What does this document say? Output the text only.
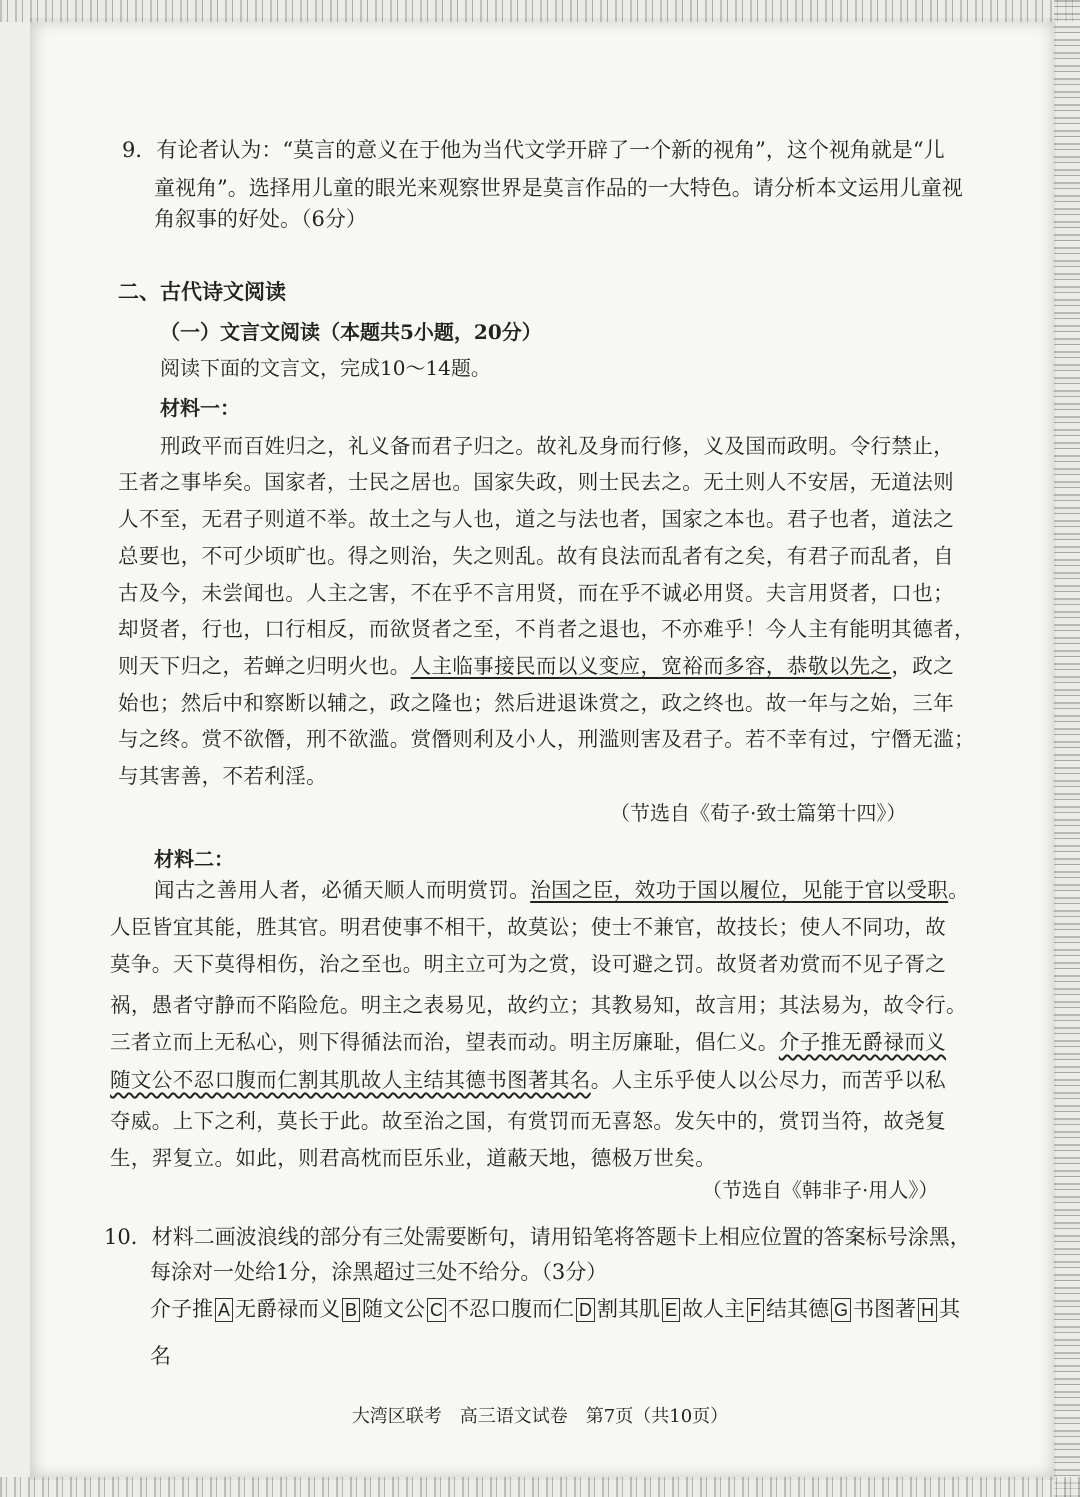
9．有论者认为：“莫言的意义在于他为当代文学开辟了一个新的视角”，这个视角就是“儿
童视角”。选择用儿童的眼光来观察世界是莫言作品的一大特色。请分析本文运用儿童视
角叙事的好处。（6分）
二、古代诗文阅读
（一）文言文阅读（本题共5小题，20分）
阅读下面的文言文，完成10～14题。
材料一：
刑政平而百姓归之，礼义备而君子归之。故礼及身而行修，义及国而政明。令行禁止，
王者之事毕矣。国家者，士民之居也。国家失政，则士民去之。无土则人不安居，无道法则
人不至，无君子则道不举。故土之与人也，道之与法也者，国家之本也。君子也者，道法之
总要也，不可少顷旷也。得之则治，失之则乱。故有良法而乱者有之矣，有君子而乱者，自
古及今，未尝闻也。人主之害，不在乎不言用贤，而在乎不诚必用贤。夫言用贤者，口也；
却贤者，行也，口行相反，而欲贤者之至，不肖者之退也，不亦难乎！今人主有能明其德者，
则天下归之，若蝉之归明火也。人主临事接民而以义变应，宽裕而多容，恭敬以先之，政之
始也；然后中和察断以辅之，政之隆也；然后进退诛赏之，政之终也。故一年与之始，三年
与之终。赏不欲僭，刑不欲滥。赏僭则利及小人，刑滥则害及君子。若不幸有过，宁僭无滥；
与其害善，不若利淫。
（节选自《荀子·致士篇第十四》）
材料二：
闻古之善用人者，必循天顺人而明赏罚。治国之臣，效功于国以履位，见能于官以受职。
人臣皆宜其能，胜其官。明君使事不相干，故莫讼；使士不兼官，故技长；使人不同功，故
莫争。天下莫得相伤，治之至也。明主立可为之赏，设可避之罚。故贤者劝赏而不见子胥之
祸，愚者守静而不陷险危。明主之表易见，故约立；其教易知，故言用；其法易为，故令行。
三者立而上无私心，则下得循法而治，望表而动。明主厉廉耻，倡仁义。介子推无爵禄而义
随文公不忍口腹而仁割其肌故人主结其德书图著其名。人主乐乎使人以公尽力，而苦乎以私
夺威。上下之利，莫长于此。故至治之国，有赏罚而无喜怒。发矢中的，赏罚当符，故尧复
生，羿复立。如此，则君高枕而臣乐业，道蔽天地，德极万世矣。
（节选自《韩非子·用人》）
10．材料二画波浪线的部分有三处需要断句，请用铅笔将答题卡上相应位置的答案标号涂黑，
每涂对一处给1分，涂黑超过三处不给分。（3分）
介子推 A 无爵禄而义 B 随文公 C 不忍口腹而仁 D 割其肌 E 故人主 F 结其德 G 书图著 H 其
名
大湾区联考　高三语文试卷　第7页（共10页）
